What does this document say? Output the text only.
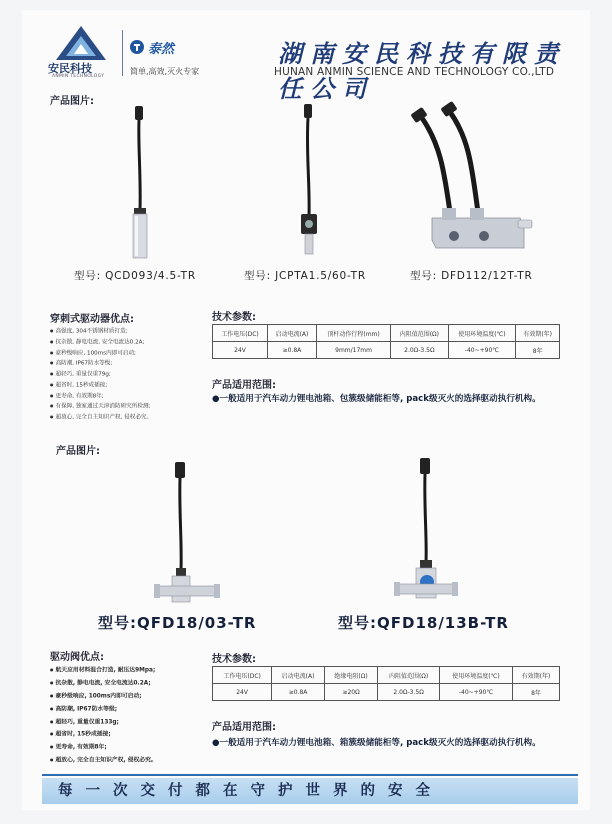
安民科技
ANMIN TECHNOLOGY
泰然
简单,高效,灭火专家
湖南安民科技有限责任公司
HUNAN ANMIN SCIENCE AND TECHNOLOGY CO.,LTD
产品图片:
型号: QCD093/4.5-TR	型号: JCPTA1.5/60-TR	型号: DFD112/12T-TR
穿刺式驱动器优点:
● 高强度, 304不锈钢材质打造;
● 抗杂散, 静电电流, 安全电流达0.2A;
● 豪秒级响应, 100ms内即可启动;
● 高防潮, IP67防水等级;
● 超轻巧, 重量仅重79g;
● 超省时, 15秒成插接;
● 更寿命, 有效期8年;
● 有保障, 独家通过天津消防研究所检测;
● 超放心, 完全自主知识产权, 侵权必究。
技术参数:
工作电压(DC)	启动电流(A)	顶杆动作行程(mm)	内阻值范围(Ω)	使用环境温度(℃)	有效期(年)
24V	≥0.8A	9mm/17mm	2.0Ω-3.5Ω	-40~+90℃	8年
产品适用范围:
●一般适用于汽车动力锂电池箱、包簇级储能柜等, pack级灭火的选择驱动执行机构。
产品图片:
型号:QFD18/03-TR	型号:QFD18/13B-TR
驱动阀优点:
● 航天应用材料混合打造, 耐压达9Mpa;
● 抗杂散, 静电电流, 安全电流达0.2A;
● 豪秒级响应, 100ms内即可启动;
● 高防潮, IP67防水等级;
● 超轻巧, 重量仅重133g;
● 超省时, 15秒成插接;
● 更寿命, 有效期8年;
● 超放心, 完全自主知识产权, 侵权必究。
技术参数:
工作电压(DC)	启动电流(A)	绝缘电阻(Ω)	内阻值范围(Ω)	使用环境温度(℃)	有效期(年)
24V	≥0.8A	≥20Ω	2.0Ω-3.5Ω	-40~+90℃	8年
产品适用范围:
●一般适用于汽车动力锂电池箱、箱簇级储能柜等, pack级灭火的选择驱动执行机构。
每一次交付都在守护世界的安全
